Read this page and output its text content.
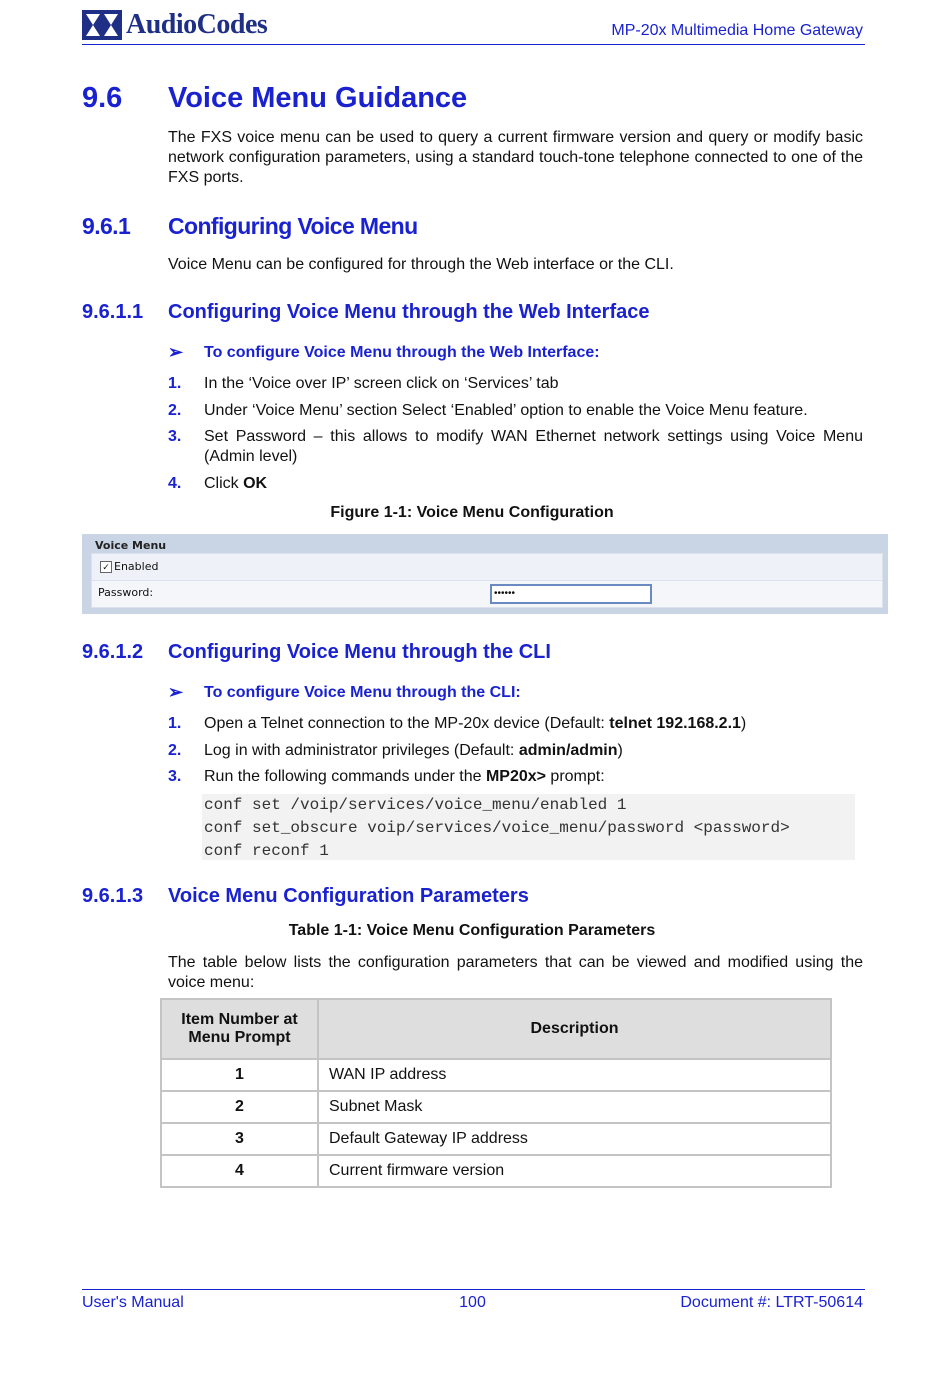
AudioCodes	MP-20x Multimedia Home Gateway
9.6 Voice Menu Guidance
The FXS voice menu can be used to query a current firmware version and query or modify basic network configuration parameters, using a standard touch-tone telephone connected to one of the FXS ports.
9.6.1 Configuring Voice Menu
Voice Menu can be configured for through the Web interface or the CLI.
9.6.1.1 Configuring Voice Menu through the Web Interface
➢	To configure Voice Menu through the Web Interface:
1. In the ‘Voice over IP’ screen click on ‘Services’ tab
2. Under ‘Voice Menu’ section Select ‘Enabled’ option to enable the Voice Menu feature.
3. Set Password – this allows to modify WAN Ethernet network settings using Voice Menu (Admin level)
4. Click OK
Figure 1-1: Voice Menu Configuration
Voice Menu
✓ Enabled
Password:	••••••
9.6.1.2 Configuring Voice Menu through the CLI
➢	To configure Voice Menu through the CLI:
1. Open a Telnet connection to the MP-20x device (Default: telnet 192.168.2.1)
2. Log in with administrator privileges (Default: admin/admin)
3. Run the following commands under the MP20x> prompt:
conf set /voip/services/voice_menu/enabled 1
conf set_obscure voip/services/voice_menu/password <password>
conf reconf 1
9.6.1.3 Voice Menu Configuration Parameters
Table 1-1: Voice Menu Configuration Parameters
The table below lists the configuration parameters that can be viewed and modified using the voice menu:
Item Number at Menu Prompt	Description
1	WAN IP address
2	Subnet Mask
3	Default Gateway IP address
4	Current firmware version
User's Manual	100	Document #: LTRT-50614
